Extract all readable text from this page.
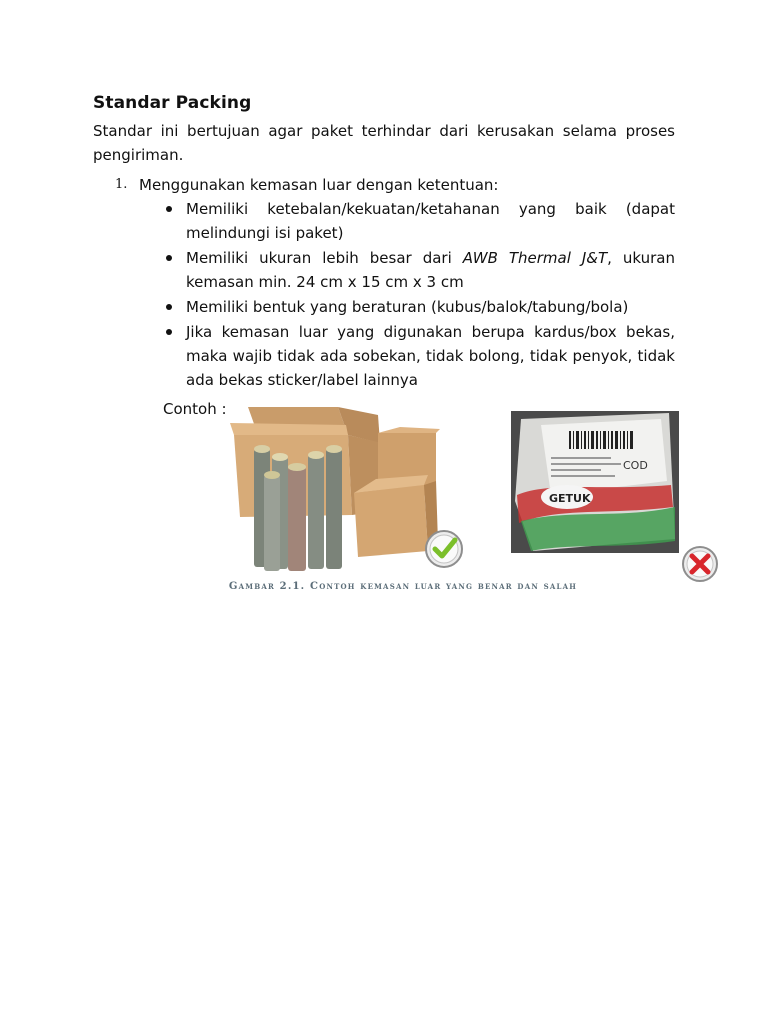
Standar Packing
Standar ini bertujuan agar paket terhindar dari kerusakan selama proses pengiriman.
1. Menggunakan kemasan luar dengan ketentuan:
Memiliki ketebalan/kekuatan/ketahanan yang baik (dapat melindungi isi paket)
Memiliki ukuran lebih besar dari AWB Thermal J&T, ukuran kemasan min. 24 cm x 15 cm x 3 cm
Memiliki bentuk yang beraturan (kubus/balok/tabung/bola)
Jika kemasan luar yang digunakan berupa kardus/box bekas, maka wajib tidak ada sobekan, tidak bolong, tidak penyok, tidak ada bekas sticker/label lainnya
Contoh :
COD
GETUK
Gambar 2.1. Contoh kemasan luar yang benar dan salah
